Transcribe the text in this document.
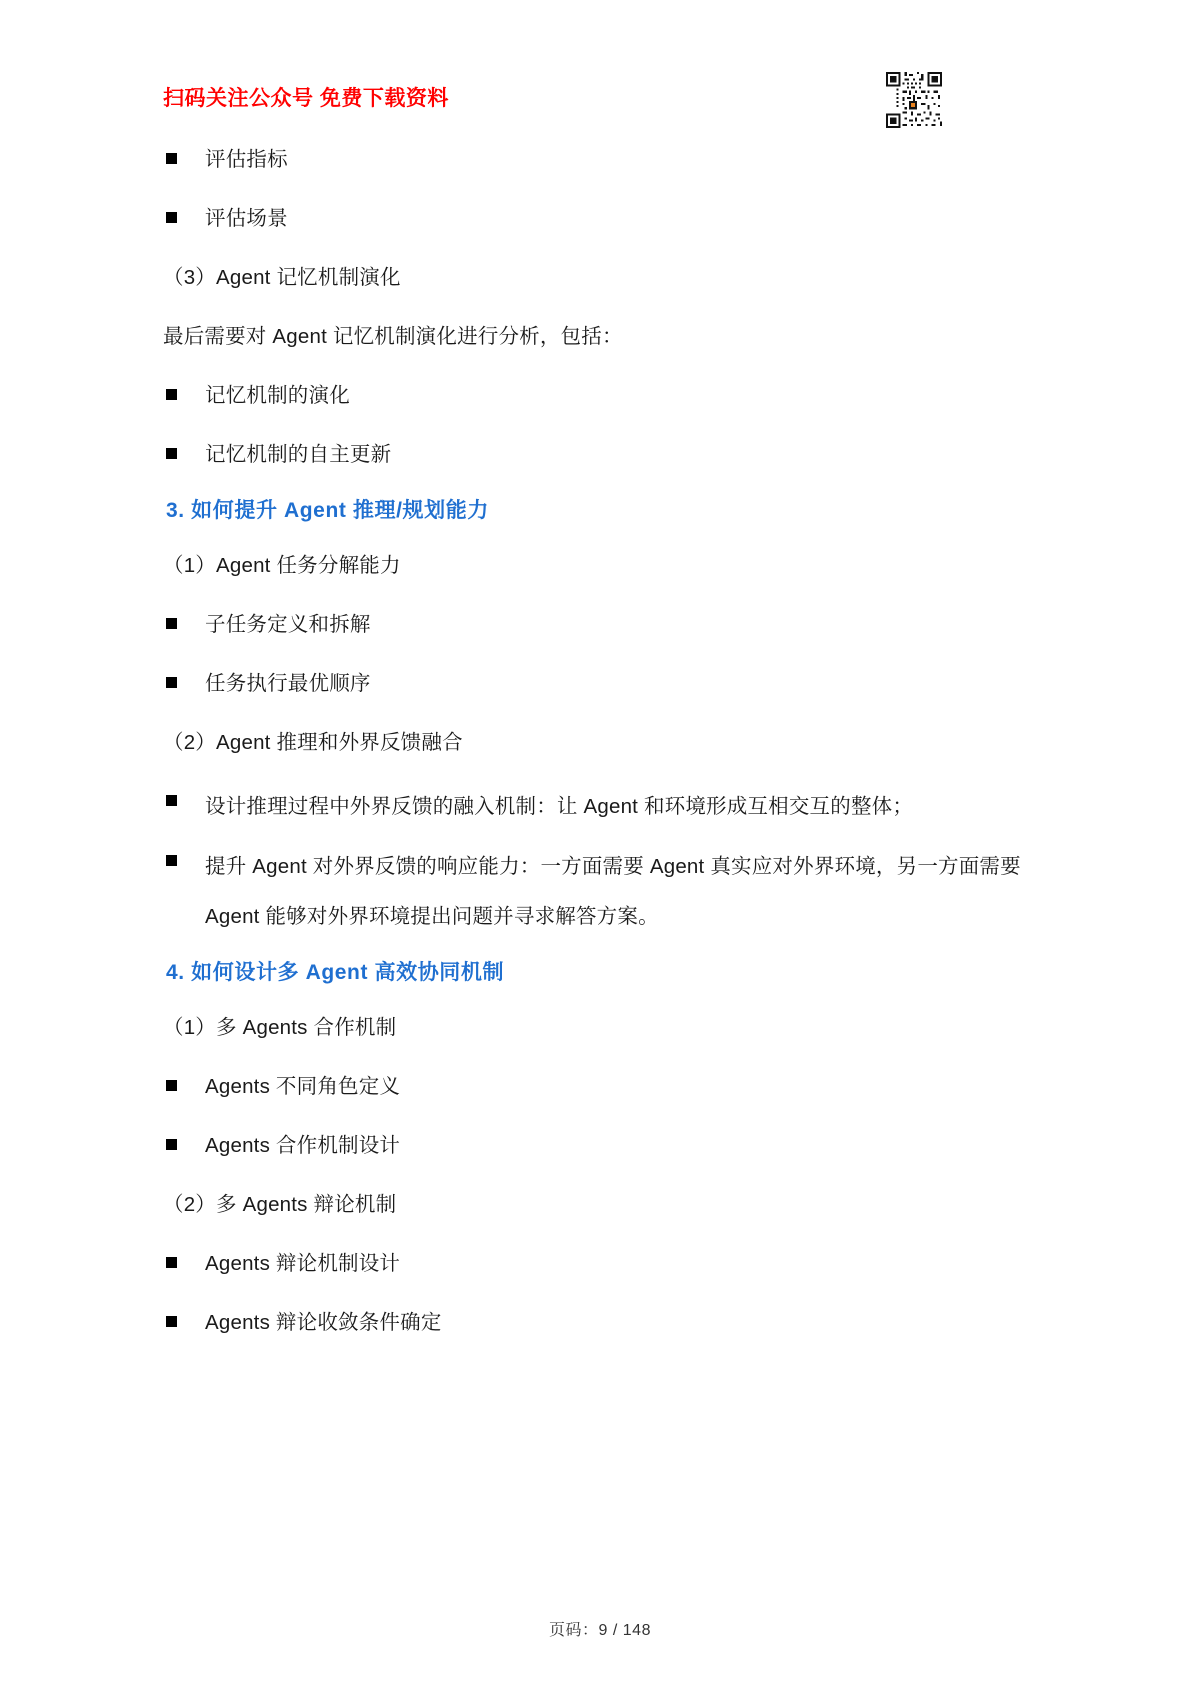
扫码关注公众号 免费下载资料
评估指标
评估场景
（3）Agent 记忆机制演化
最后需要对 Agent 记忆机制演化进行分析，包括：
记忆机制的演化
记忆机制的自主更新
3. 如何提升 Agent 推理/规划能力
（1）Agent 任务分解能力
子任务定义和拆解
任务执行最优顺序
（2）Agent 推理和外界反馈融合
设计推理过程中外界反馈的融入机制：让 Agent 和环境形成互相交互的整体；
提升 Agent 对外界反馈的响应能力：一方面需要 Agent 真实应对外界环境，另一方面需要 Agent 能够对外界环境提出问题并寻求解答方案。
4. 如何设计多 Agent 高效协同机制
（1）多 Agents 合作机制
Agents 不同角色定义
Agents 合作机制设计
（2）多 Agents 辩论机制
Agents 辩论机制设计
Agents 辩论收敛条件确定
页码：9 / 148
